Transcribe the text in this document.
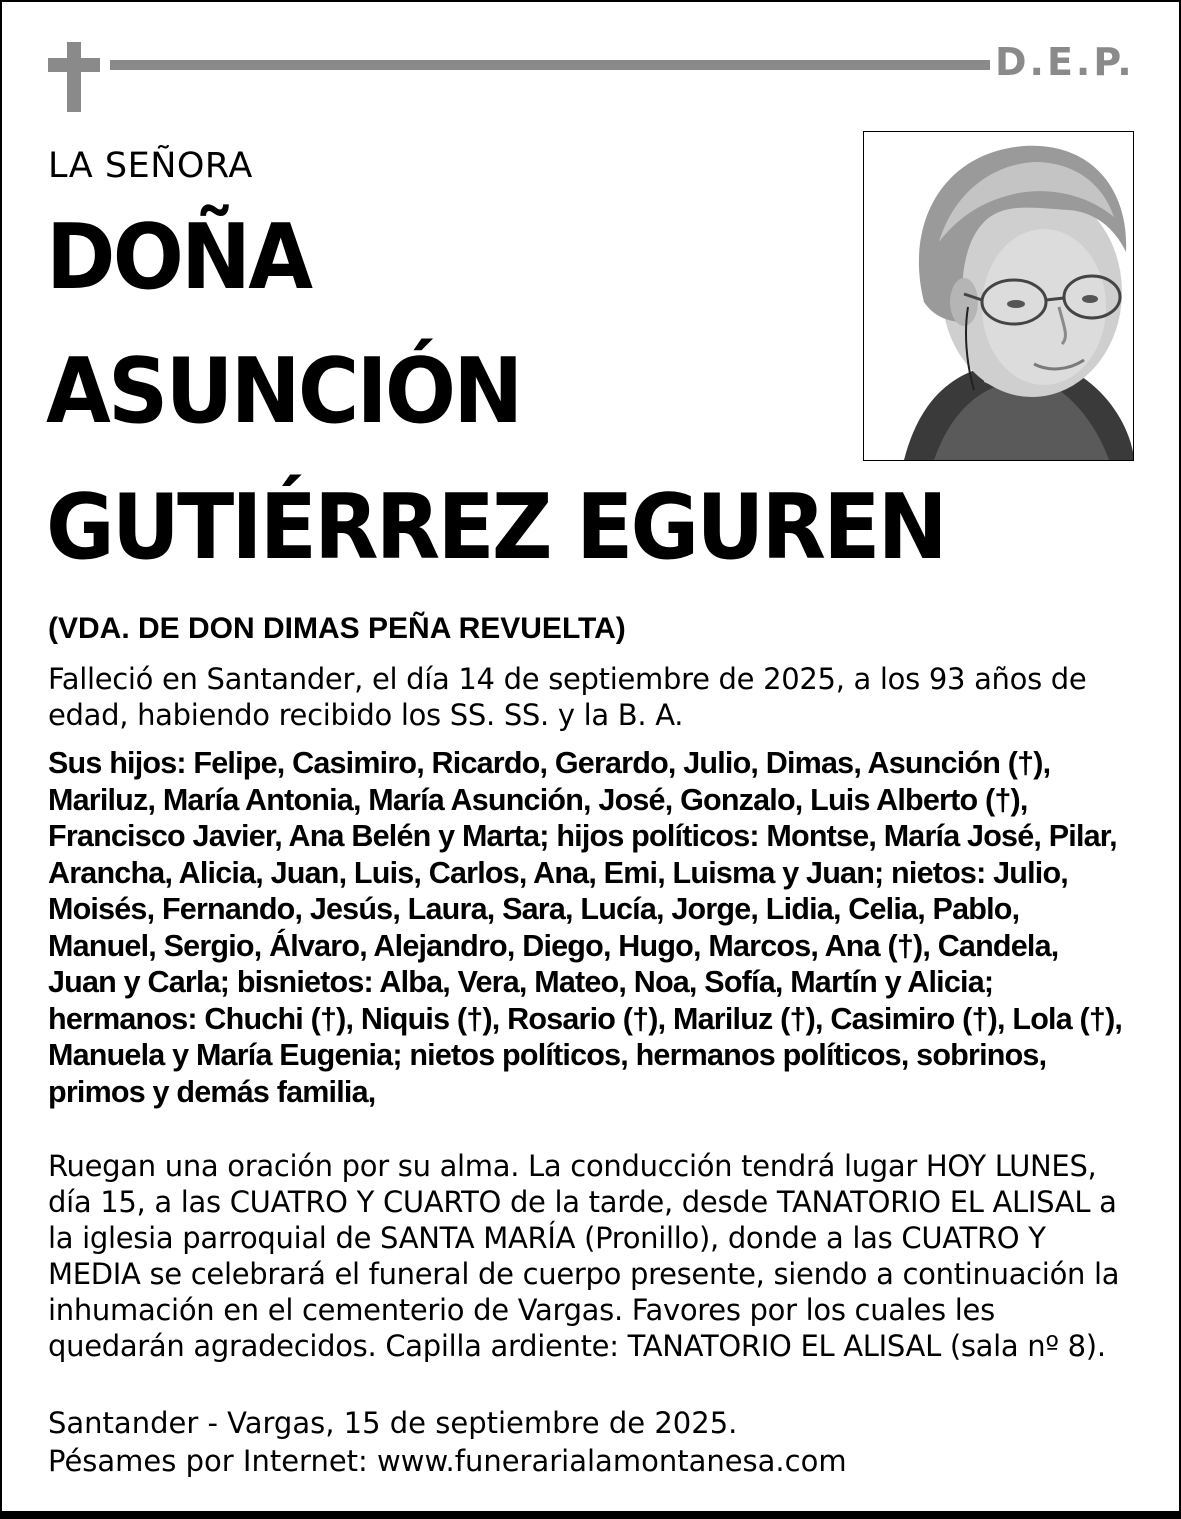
D.E.P.
LA SEÑORA
DOÑA
ASUNCIÓN
GUTIÉRREZ EGUREN
(VDA. DE DON DIMAS PEÑA REVUELTA)
Falleció en Santander, el día 14 de septiembre de 2025, a los 93 años de edad, habiendo recibido los SS. SS. y la B. A.
Sus hijos: Felipe, Casimiro, Ricardo, Gerardo, Julio, Dimas, Asunción (†), Mariluz, María Antonia, María Asunción, José, Gonzalo, Luis Alberto (†), Francisco Javier, Ana Belén y Marta; hijos políticos: Montse, María José, Pilar, Arancha, Alicia, Juan, Luis, Carlos, Ana, Emi, Luisma y Juan; nietos: Julio, Moisés, Fernando, Jesús, Laura, Sara, Lucía, Jorge, Lidia, Celia, Pablo, Manuel, Sergio, Álvaro, Alejandro, Diego, Hugo, Marcos, Ana (†), Candela, Juan y Carla; bisnietos: Alba, Vera, Mateo, Noa, Sofía, Martín y Alicia; hermanos: Chuchi (†), Niquis (†), Rosario (†), Mariluz (†), Casimiro (†), Lola (†), Manuela y María Eugenia; nietos políticos, hermanos políticos, sobrinos, primos y demás familia,
Ruegan una oración por su alma. La conducción tendrá lugar HOY LUNES, día 15, a las CUATRO Y CUARTO de la tarde, desde TANATORIO EL ALISAL a la iglesia parroquial de SANTA MARÍA (Pronillo), donde a las CUATRO Y MEDIA se celebrará el funeral de cuerpo presente, siendo a continuación la inhumación en el cementerio de Vargas. Favores por los cuales les quedarán agradecidos. Capilla ardiente: TANATORIO EL ALISAL (sala nº 8).
Santander - Vargas, 15 de septiembre de 2025.
Pésames por Internet: www.funerarialamontanesa.com
